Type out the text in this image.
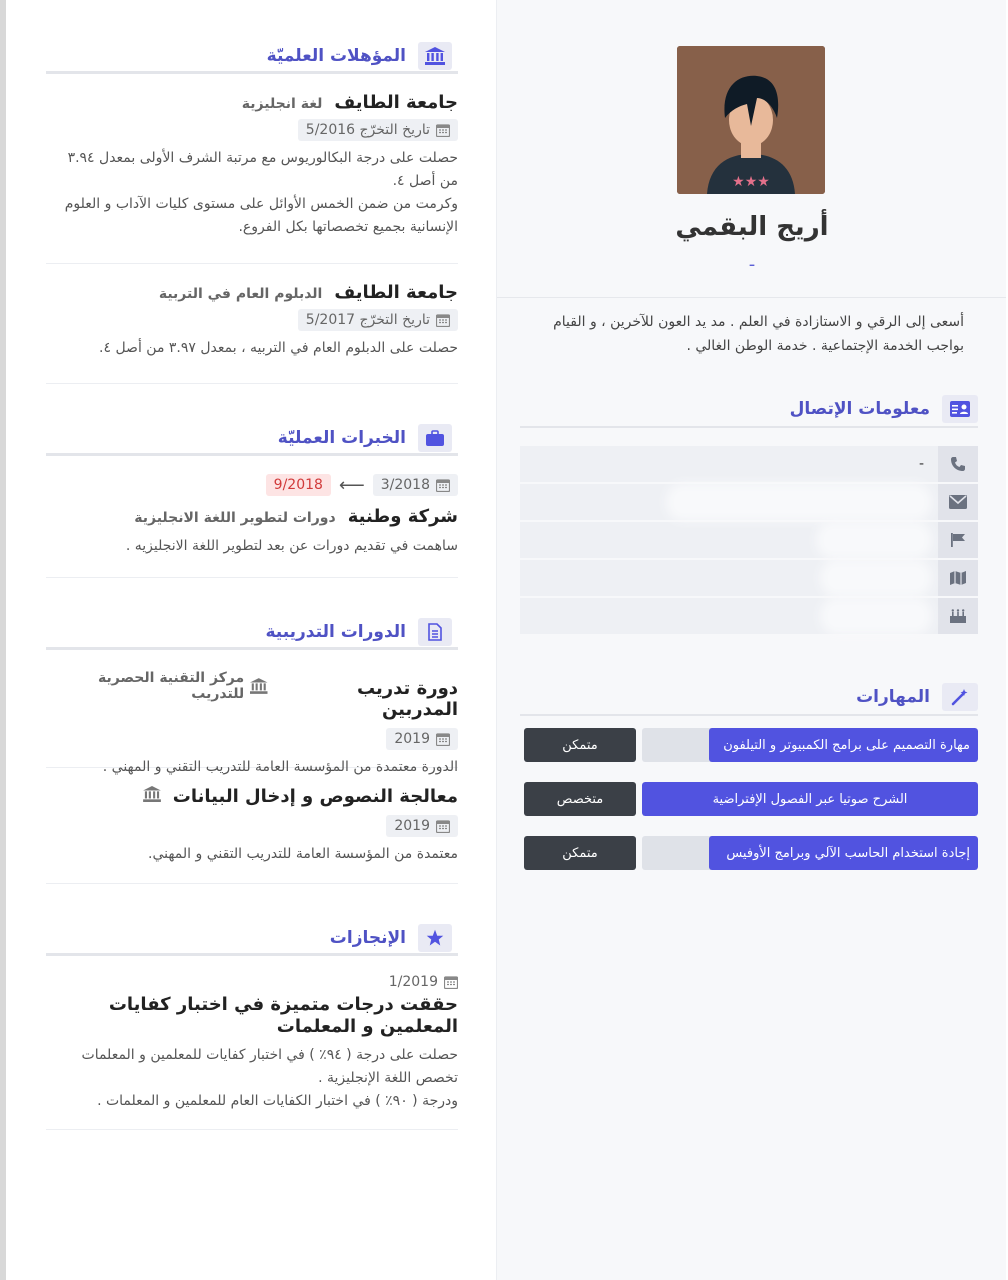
★★★
أريج البقمي
-
أسعى إلى الرقي و الاستازادة في العلم . مد يد العون للآخرين ، و القيام بواجب الخدمة الإجتماعية . خدمة الوطن الغالي .
معلومات الإتصال
-
المهارات
مهارة التصميم على برامج الكمبيوتر و التيلفون
متمكن
الشرح صوتيا عبر الفصول الإفتراضية
متخصص
إجادة استخدام الحاسب الآلي وبرامج الأوفيس
متمكن
المؤهلات العلميّة
جامعة الطايف
لغة انجليزية
تاريخ التخرّج 5/2016
حصلت على درجة البكالوريوس مع مرتبة الشرف الأولى بمعدل ٣.٩٤ من أصل ٤.
وكرمت من ضمن الخمس الأوائل على مستوى كليات الآداب و العلوم الإنسانية بجميع تخصصاتها بكل الفروع.
جامعة الطايف
الدبلوم العام في التربية
تاريخ التخرّج 5/2017
حصلت على الدبلوم العام في التربيه ، بمعدل ٣.٩٧ من أصل ٤.
الخبرات العمليّة
3/2018
⟵
9/2018
شركة وطنية
دورات لتطوير اللغة الانجليزية
ساهمت في تقديم دورات عن بعد لتطوير اللغة الانجليزيه .
الدورات التدريبية
دورة تدريب المدربين
مركز التقنية الحصرية للتدريب
2019
الدورة معتمدة من المؤسسة العامة للتدريب التقني و المهني .
معالجة النصوص و إدخال البيانات
2019
معتمدة من المؤسسة العامة للتدريب التقني و المهني.
الإنجازات
1/2019
حققت درجات متميزة في اختبار كفايات المعلمين و المعلمات
حصلت على درجة ( ٩٤٪ ) في اختبار كفايات للمعلمين و المعلمات تخصص اللغة الإنجليزية .
ودرجة ( ٩٠٪ ) في اختبار الكفايات العام للمعلمين و المعلمات .
